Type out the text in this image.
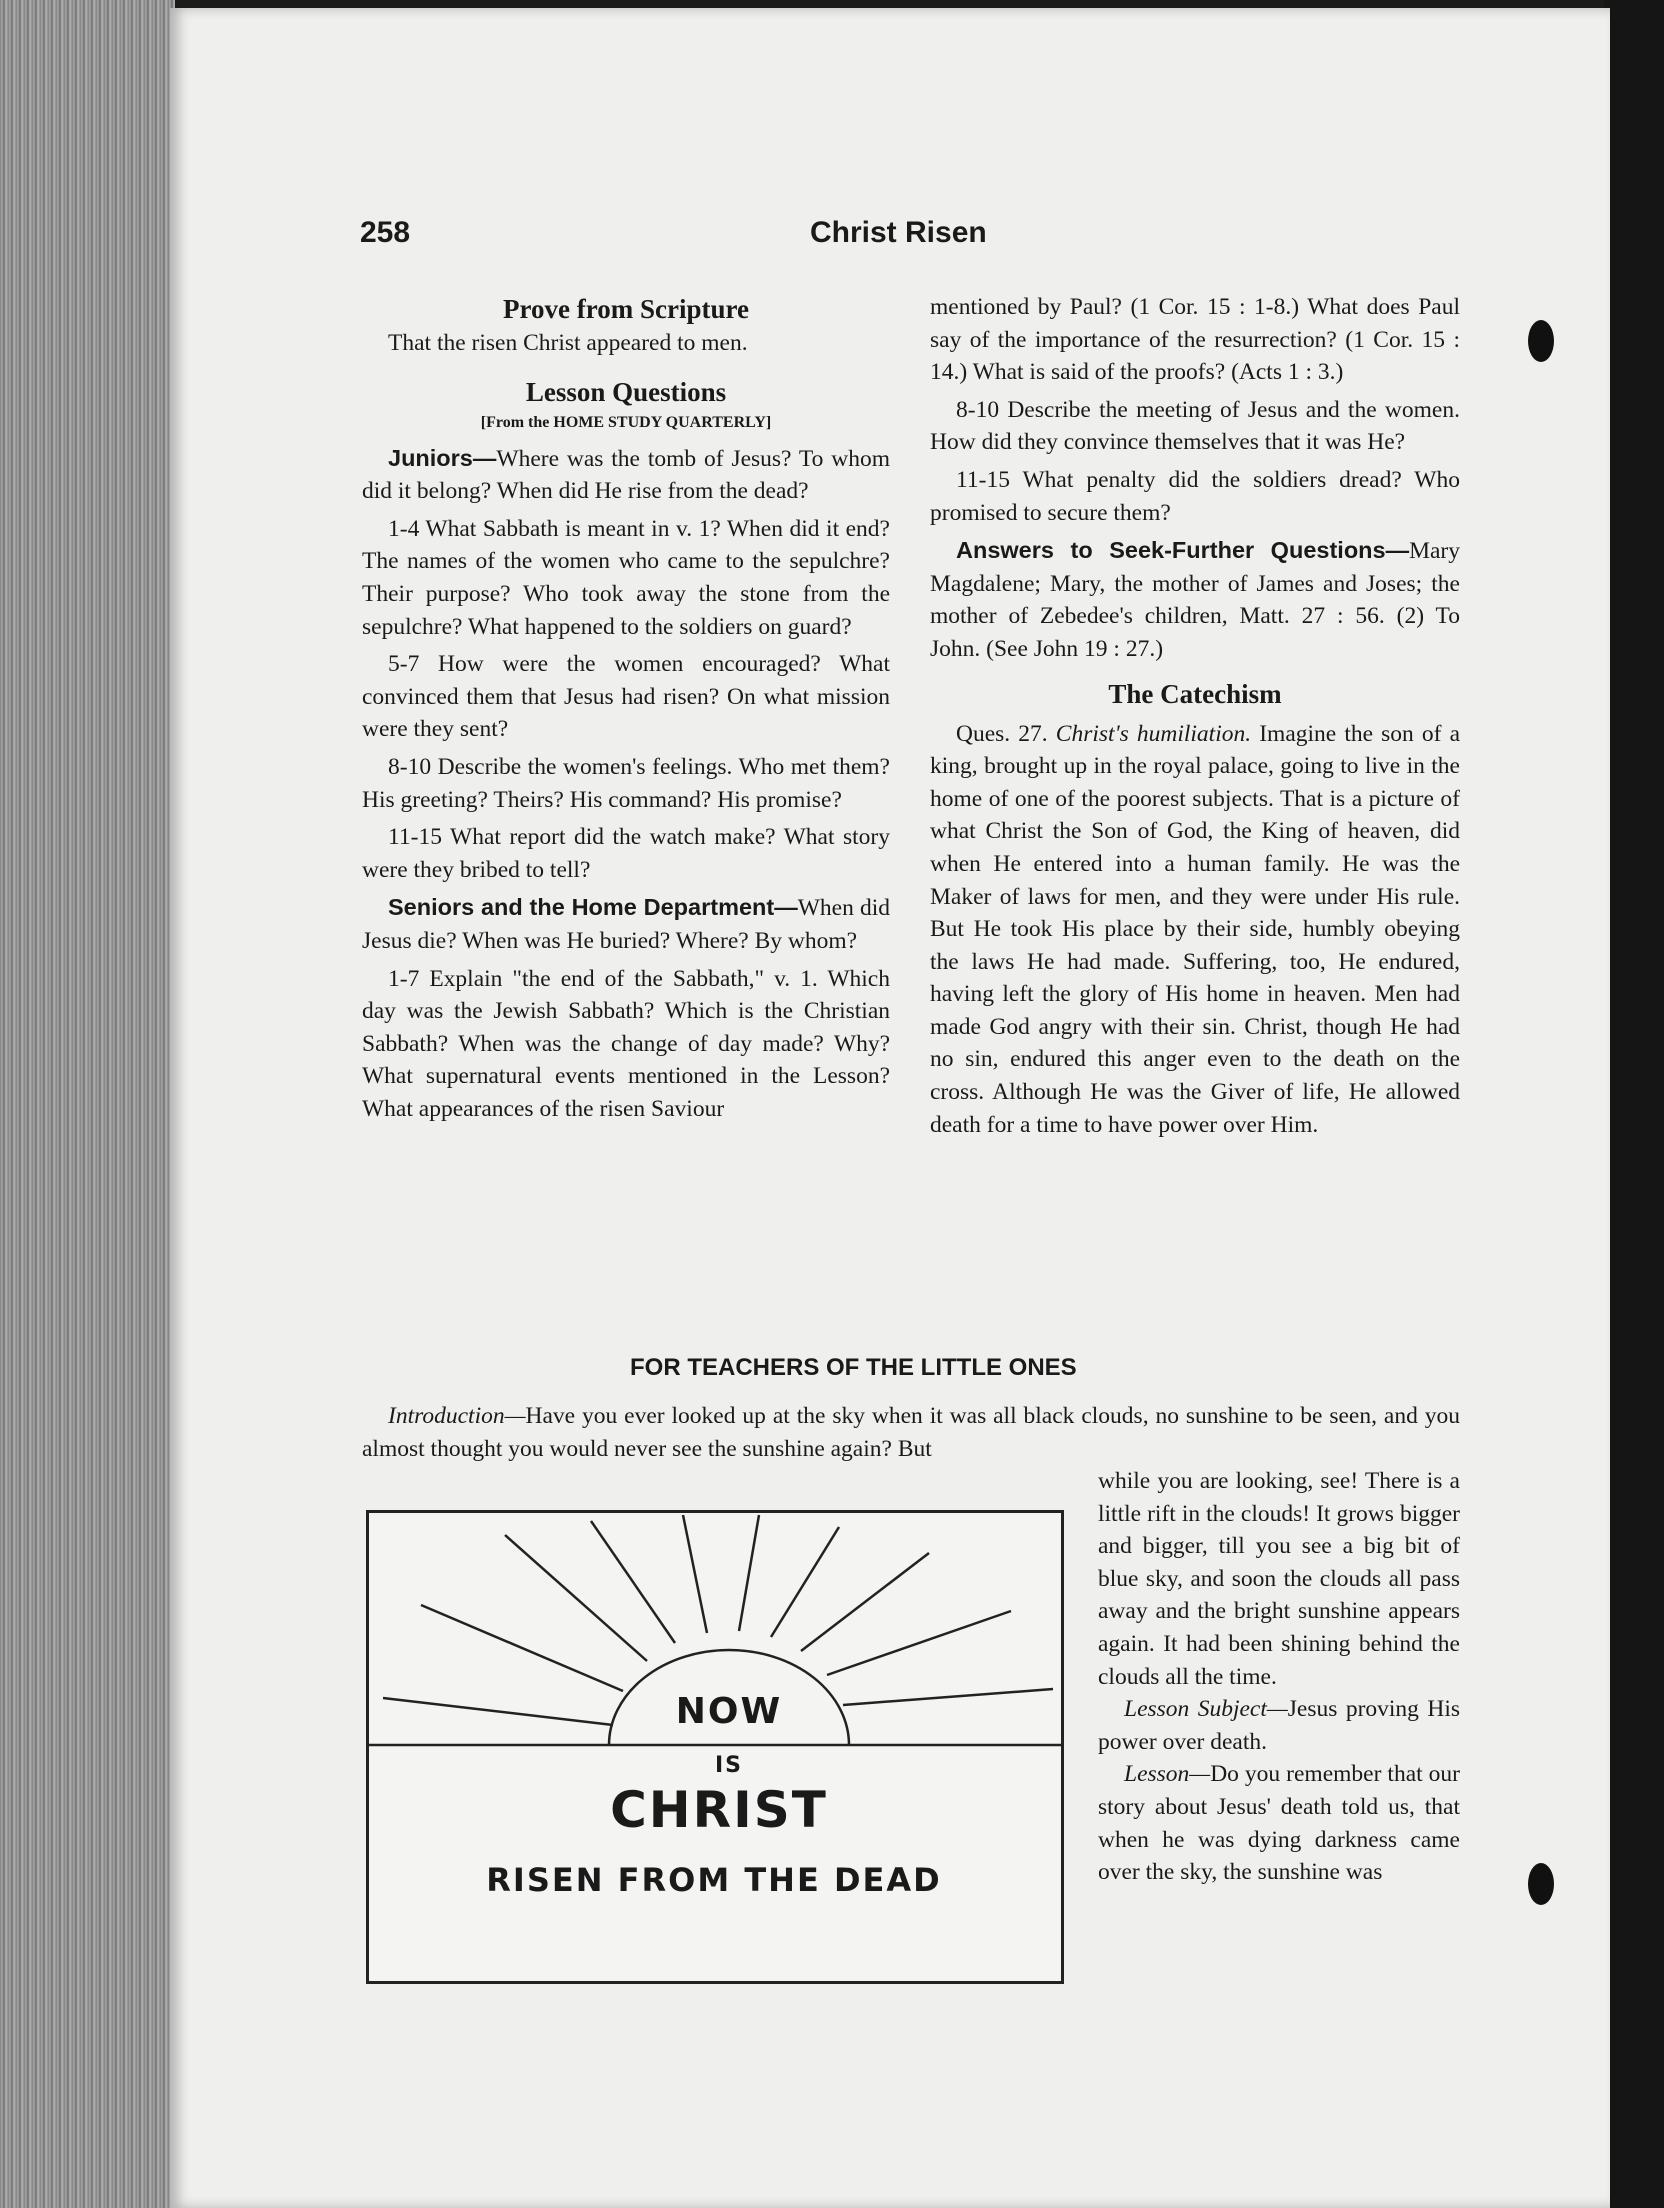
258	Christ Risen

Prove from Scripture

That the risen Christ appeared to men.

Lesson Questions

[From the HOME STUDY QUARTERLY]

Juniors—Where was the tomb of Jesus? To whom did it belong? When did He rise from the dead?

1-4 What Sabbath is meant in v. 1? When did it end? The names of the women who came to the sepulchre? Their purpose? Who took away the stone from the sepulchre? What happened to the soldiers on guard?

5-7 How were the women encouraged? What convinced them that Jesus had risen? On what mission were they sent?

8-10 Describe the women's feelings. Who met them? His greeting? Theirs? His command? His promise?

11-15 What report did the watch make? What story were they bribed to tell?

Seniors and the Home Department—When did Jesus die? When was He buried? Where? By whom?

1-7 Explain "the end of the Sabbath," v. 1. Which day was the Jewish Sabbath? Which is the Christian Sabbath? When was the change of day made? Why? What supernatural events mentioned in the Lesson? What appearances of the risen Saviour

mentioned by Paul? (1 Cor. 15 : 1-8.) What does Paul say of the importance of the resurrection? (1 Cor. 15 : 14.) What is said of the proofs? (Acts 1 : 3.)

8-10 Describe the meeting of Jesus and the women. How did they convince themselves that it was He?

11-15 What penalty did the soldiers dread? Who promised to secure them?

Answers to Seek-Further Questions—Mary Magdalene; Mary, the mother of James and Joses; the mother of Zebedee's children, Matt. 27 : 56. (2) To John. (See John 19 : 27.)

The Catechism

Ques. 27. Christ's humiliation. Imagine the son of a king, brought up in the royal palace, going to live in the home of one of the poorest subjects. That is a picture of what Christ the Son of God, the King of heaven, did when He entered into a human family. He was the Maker of laws for men, and they were under His rule. But He took His place by their side, humbly obeying the laws He had made. Suffering, too, He endured, having left the glory of His home in heaven. Men had made God angry with their sin. Christ, though He had no sin, endured this anger even to the death on the cross. Although He was the Giver of life, He allowed death for a time to have power over Him.

FOR TEACHERS OF THE LITTLE ONES

Introduction—Have you ever looked up at the sky when it was all black clouds, no sunshine to be seen, and you almost thought you would never see the sunshine again? But

while you are looking, see! There is a little rift in the clouds! It grows bigger and bigger, till you see a big bit of blue sky, and soon the clouds all pass away and the bright sunshine appears again. It had been shining behind the clouds all the time.

Lesson Subject—Jesus proving His power over death.

Lesson—Do you remember that our story about Jesus' death told us, that when he was dying darkness came over the sky, the sunshine was

NOW
IS
CHRIST
RISEN FROM THE DEAD
